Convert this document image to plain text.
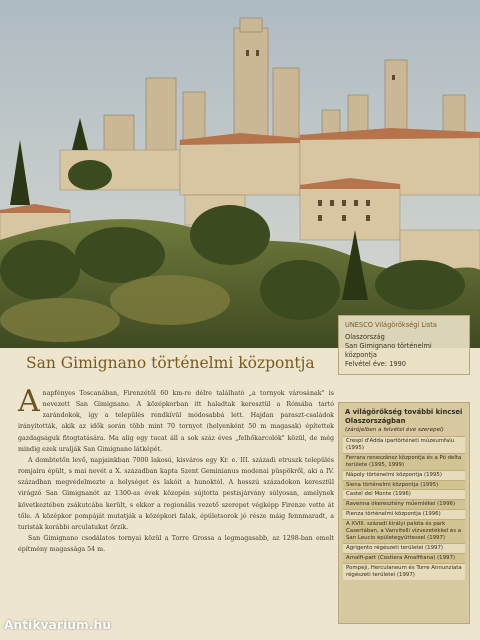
UNESCO Világörökségi Lista
Olaszország
San Gimignano történelmi központja
Felvétel éve: 1990
San Gimignano történelmi központja

A napfényes Toscanában, Firenzétől 60 km-re délre található „a tornyok városának" is nevezett San Gimignano. A középkorban itt haladtak keresztül a Rómába tartó zarándokok, így a település rendkívül módosabbá lett. Hajdan paraszt-családok irányították, akik az idők során több mint 70 tornyot (helyenként 50 m magasak) építettek gazdagságuk fitogtatására. Ma alig egy tucat áll a sok száz éves „felhőkarcolók" közül, de még mindig ezek uralják San Gimignano látképét.

A dombtetőn levő, napjainkban 7000 lakosú, kisváros egy Kr. e. III. századi etruszk település romjaira épült, s mai nevét a X. században kapta Szent Geminianus modenai püspökről, aki a IV. században megvédelmezte a helységet és lakóit a hunoktól. A hosszú századokon keresztül virágzó San Gimignanót az 1300-as évek közepén sújtotta pestisjárvány súlyosan, amelynek következtében zsákutcába került, s ekkor a regionális vezető szerepet végképp Firenze vette át tőle. A középkor pompáját mutatják a középkori falak, épületsorok jó része máig fennmaradt, a turisták korábbi arculatukat őrzik.

San Gimignano csodálatos tornyai közül a Torre Grossa a legmagasabb, az 1298-ban emelt építmény magassága 54 m.

A világörökség további kincsei Olaszországban
(zárójelben a felvétel éve szerepel)
Crespi d'Adda ipartörténeti múzeumfalu (1995)
Ferrara reneszánsz központja és a Pó delta területe (1995, 1999)
Nápoly történelmi központja (1995)
Siena történelmi központja (1995)
Castel del Monte (1996)
Ravenna ókeresztény műemlékei (1996)
Pienza történelmi központja (1996)
A XVIII. századi királyi palota és park Casertában, a Vanvitelli vízvezetékkel és a San Leucio épületegyüttessel (1997)
Agrigento régészeti területei (1997)
Amalfi-part (Costiera Amalfitana) (1997)
Pompeji, Herculaneum és Torre Annunziata régészeti területei (1997)
Antikvarium.hu
